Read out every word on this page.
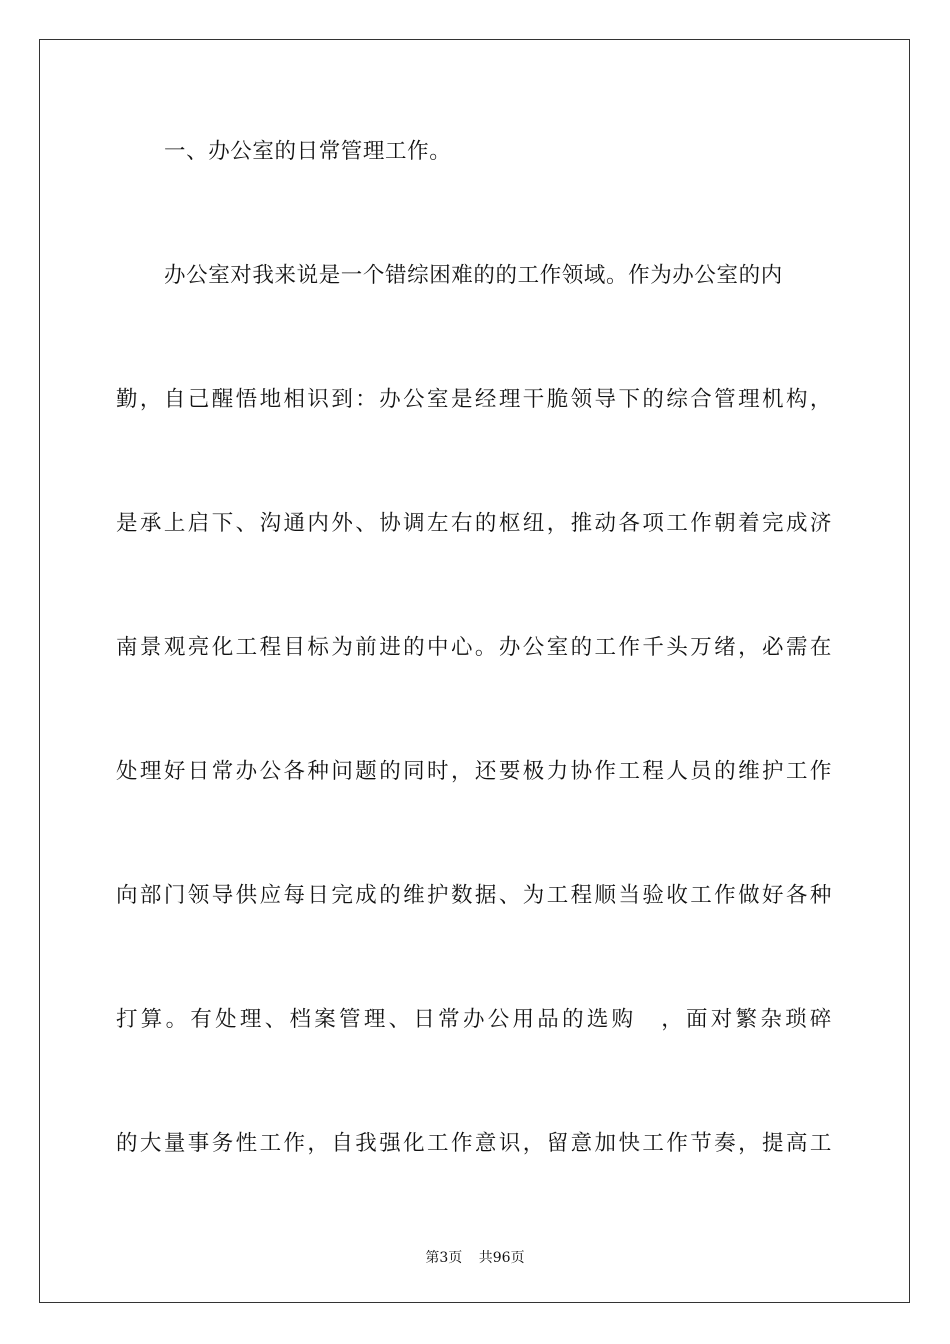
一、办公室的日常管理工作。
办公室对我来说是一个错综困难的的工作领域。作为办公室的内
勤，自己醒悟地相识到：办公室是经理干脆领导下的综合管理机构，
是承上启下、沟通内外、协调左右的枢纽，推动各项工作朝着完成济
南景观亮化工程目标为前进的中心。办公室的工作千头万绪，必需在
处理好日常办公各种问题的同时，还要极力协作工程人员的维护工作
向部门领导供应每日完成的维护数据、为工程顺当验收工作做好各种
打算。有处理、档案管理、日常办公用品的选购　，面对繁杂琐碎
的大量事务性工作，自我强化工作意识，留意加快工作节奏，提高工
第3页 共96页
